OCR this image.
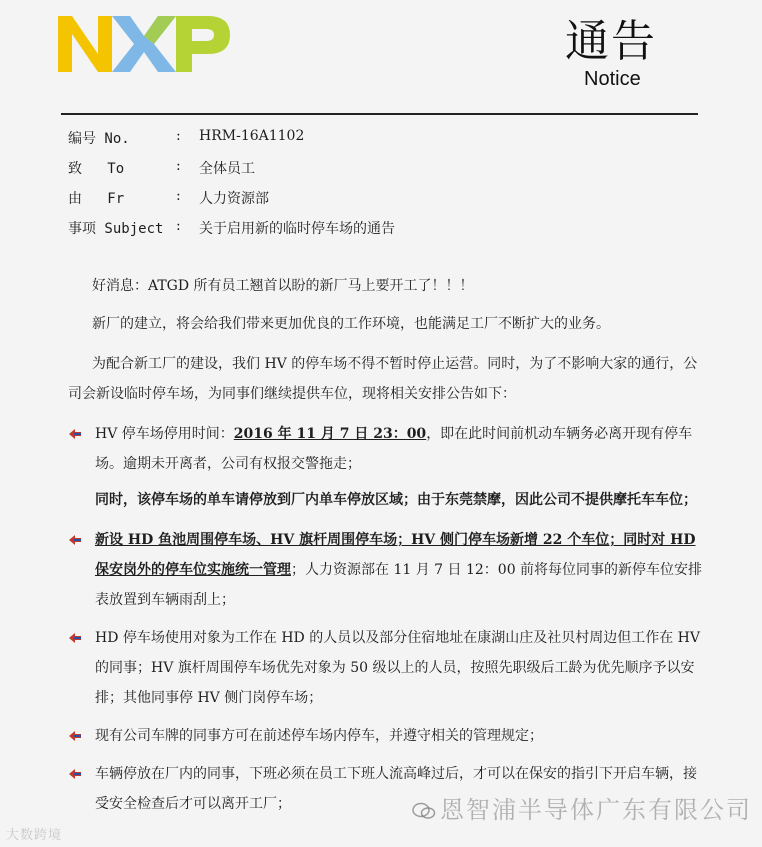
通告
Notice
编号 No.	: HRM-16A1102
致   To	: 全体员工
由   Fr	: 人力资源部
事项 Subject : 关于启用新的临时停车场的通告

好消息：ATGD 所有员工翘首以盼的新厂马上要开工了！！！

新厂的建立，将会给我们带来更加优良的工作环境，也能满足工厂不断扩大的业务。

为配合新工厂的建设，我们 HV 的停车场不得不暂时停止运营。同时，为了不影响大家的通行，公司会新设临时停车场，为同事们继续提供车位，现将相关安排公告如下：

HV 停车场停用时间：2016 年 11 月 7 日 23：00，即在此时间前机动车辆务必离开现有停车场。逾期未开离者，公司有权报交警拖走；
同时，该停车场的单车请停放到厂内单车停放区域；由于东莞禁摩，因此公司不提供摩托车车位；
新设 HD 鱼池周围停车场、HV 旗杆周围停车场；HV 侧门停车场新增 22 个车位；同时对 HD 保安岗外的停车位实施统一管理；人力资源部在 11 月 7 日 12：00 前将每位同事的新停车位安排表放置到车辆雨刮上；
HD 停车场使用对象为工作在 HD 的人员以及部分住宿地址在康湖山庄及社贝村周边但工作在 HV 的同事；HV 旗杆周围停车场优先对象为 50 级以上的人员，按照先职级后工龄为优先顺序予以安排；其他同事停 HV 侧门岗停车场；
现有公司车牌的同事方可在前述停车场内停车，并遵守相关的管理规定；
车辆停放在厂内的同事，下班必须在员工下班人流高峰过后，才可以在保安的指引下开启车辆，接受安全检查后才可以离开工厂；
大数跨境
恩智浦半导体广东有限公司
